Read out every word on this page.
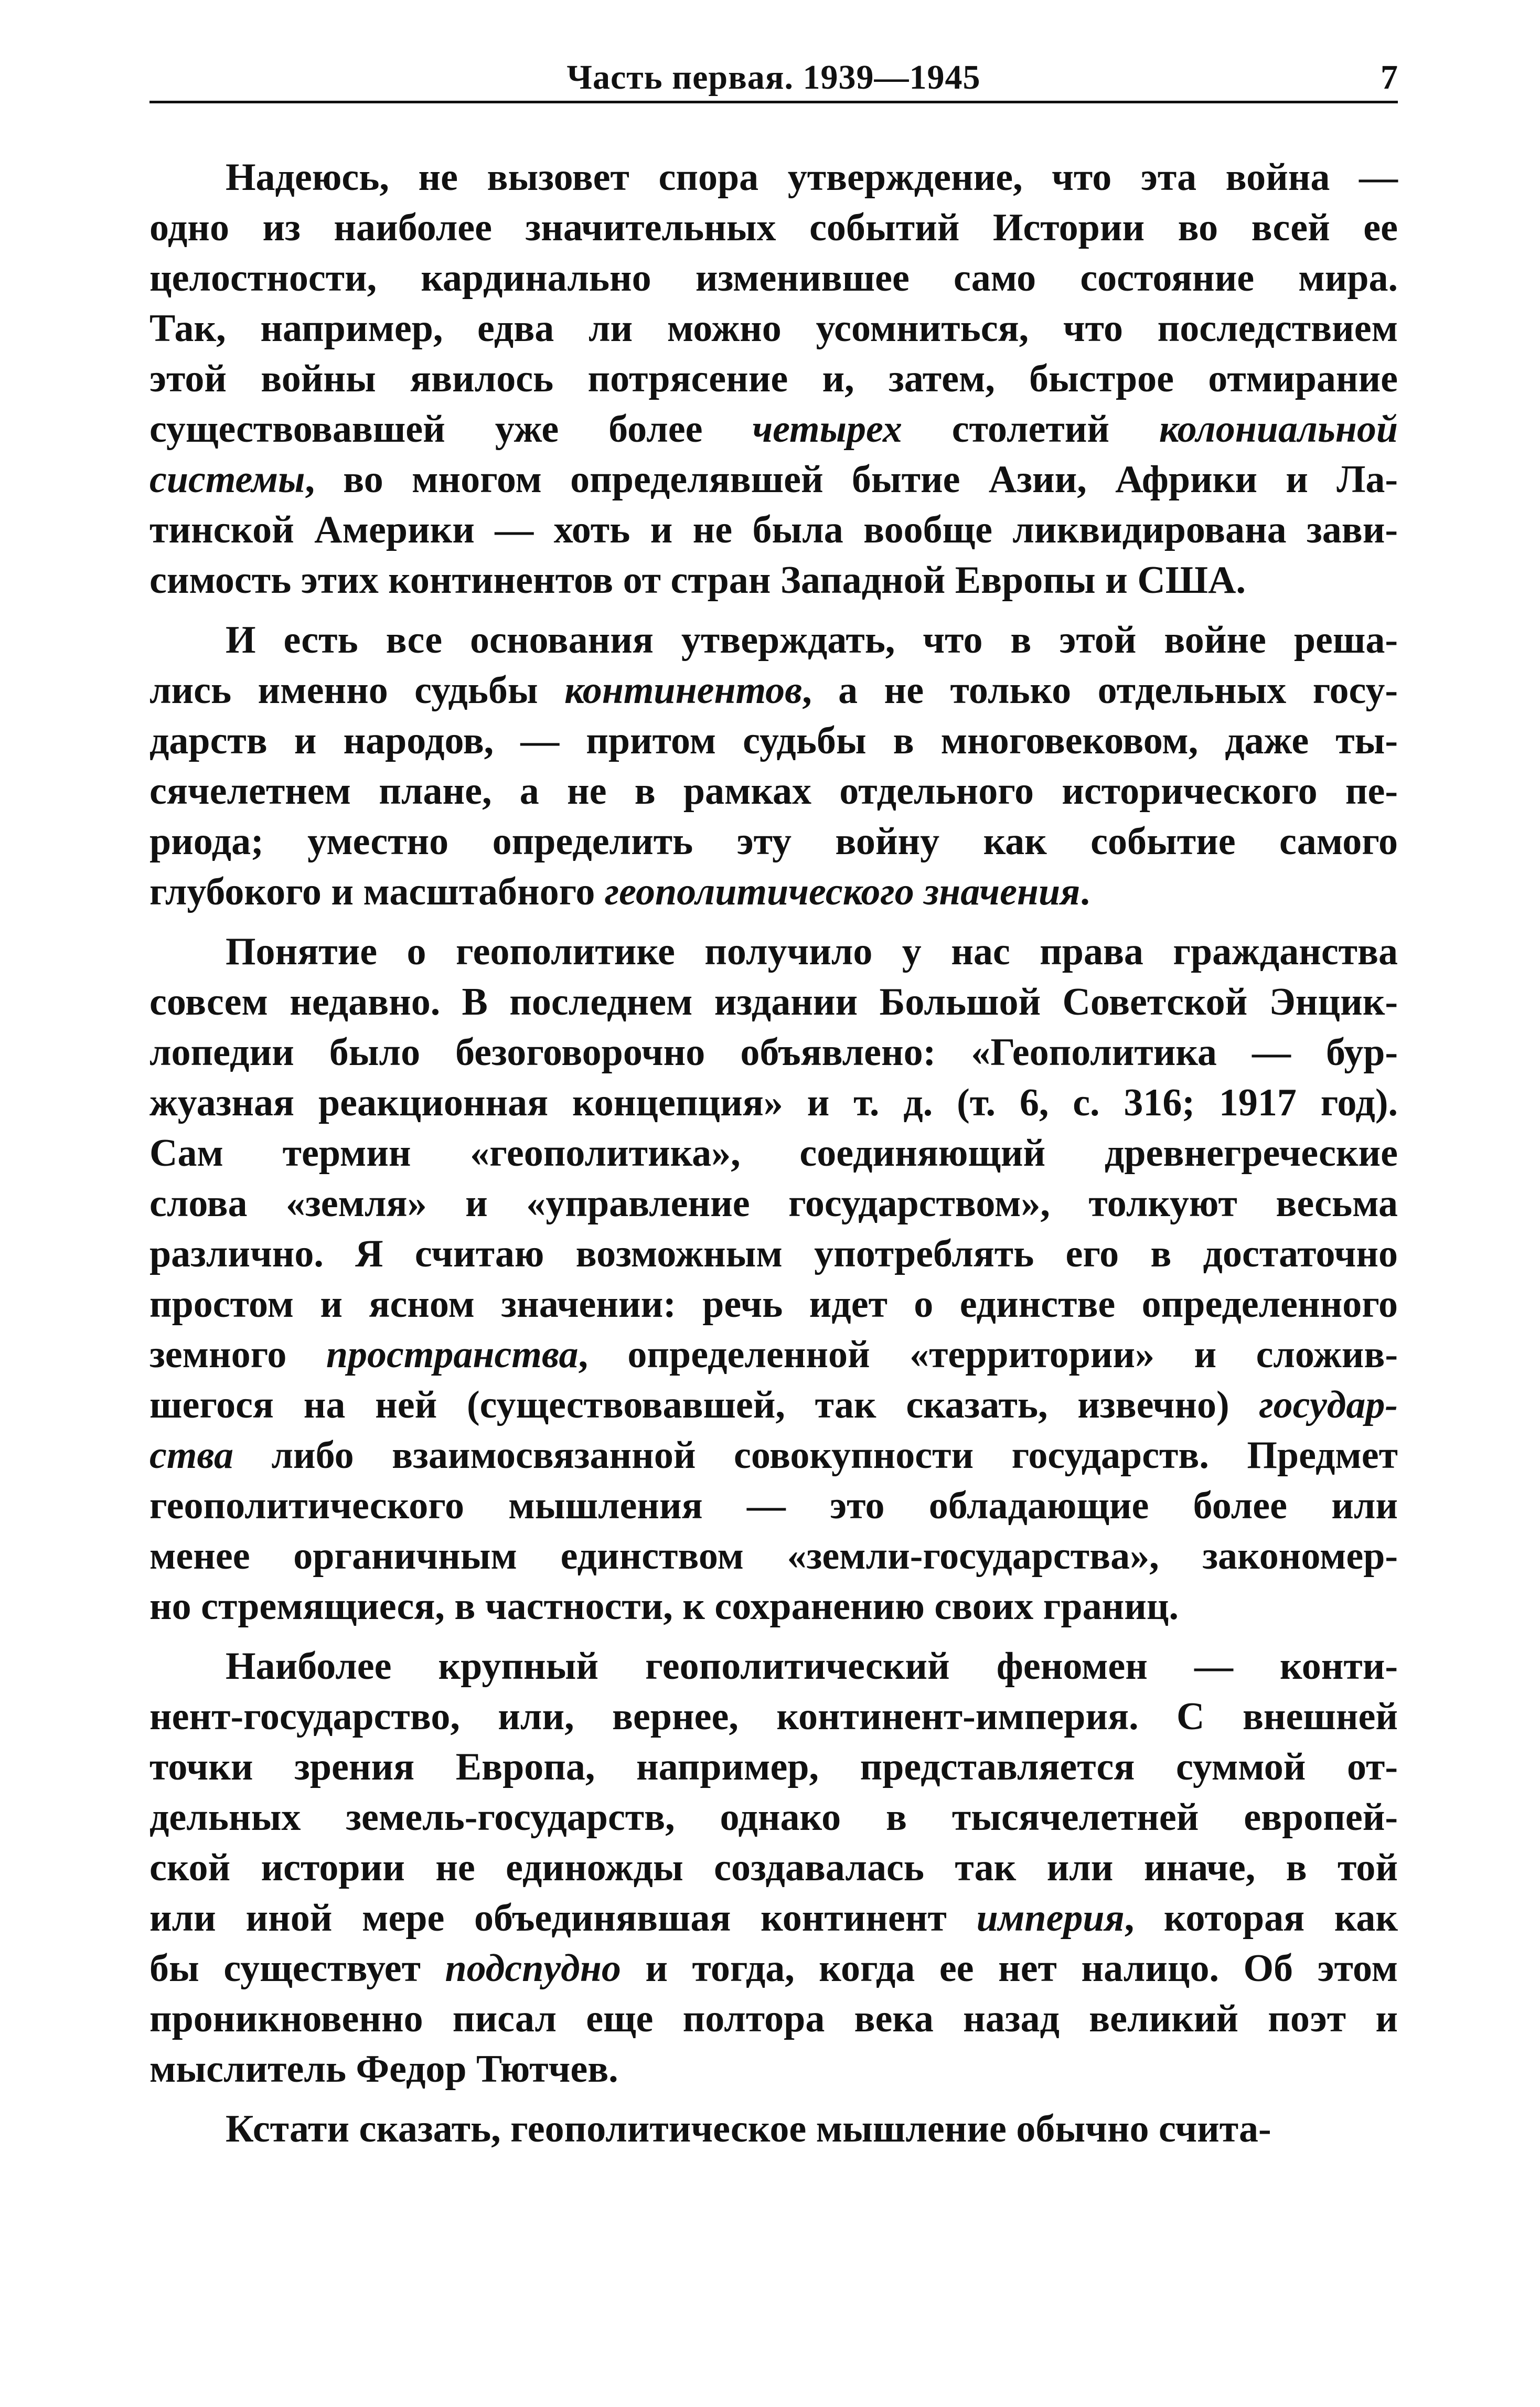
Часть первая. 1939—1945	7
Надеюсь, не вызовет спора утверждение, что эта война —
одно из наиболее значительных событий Истории во всей ее
целостности, кардинально изменившее само состояние мира.
Так, например, едва ли можно усомниться, что последствием
этой войны явилось потрясение и, затем, быстрое отмирание
существовавшей уже более четырех столетий колониальной
системы, во многом определявшей бытие Азии, Африки и Ла-
тинской Америки — хоть и не была вообще ликвидирована зави-
симость этих континентов от стран Западной Европы и США.
И есть все основания утверждать, что в этой войне реша-
лись именно судьбы континентов, а не только отдельных госу-
дарств и народов, — притом судьбы в многовековом, даже ты-
сячелетнем плане, а не в рамках отдельного исторического пе-
риода; уместно определить эту войну как событие самого
глубокого и масштабного геополитического значения.
Понятие о геополитике получило у нас права гражданства
совсем недавно. В последнем издании Большой Советской Энцик-
лопедии было безоговорочно объявлено: «Геополитика — бур-
жуазная реакционная концепция» и т. д. (т. 6, с. 316; 1917 год).
Сам термин «геополитика», соединяющий древнегреческие
слова «земля» и «управление государством», толкуют весьма
различно. Я считаю возможным употреблять его в достаточно
простом и ясном значении: речь идет о единстве определенного
земного пространства, определенной «территории» и сложив-
шегося на ней (существовавшей, так сказать, извечно) государ-
ства либо взаимосвязанной совокупности государств. Предмет
геополитического мышления — это обладающие более или
менее органичным единством «земли-государства», закономер-
но стремящиеся, в частности, к сохранению своих границ.
Наиболее крупный геополитический феномен — конти-
нент-государство, или, вернее, континент-империя. С внешней
точки зрения Европа, например, представляется суммой от-
дельных земель-государств, однако в тысячелетней европей-
ской истории не единожды создавалась так или иначе, в той
или иной мере объединявшая континент империя, которая как
бы существует подспудно и тогда, когда ее нет налицо. Об этом
проникновенно писал еще полтора века назад великий поэт и
мыслитель Федор Тютчев.
Кстати сказать, геополитическое мышление обычно счита-
